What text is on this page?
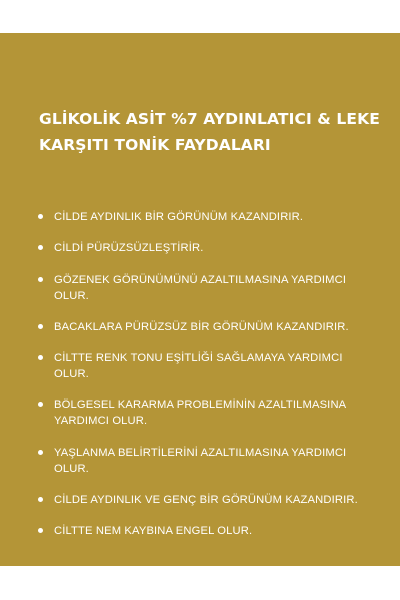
GLİKOLİK ASİT %7 AYDINLATICI & LEKE KARŞITI TONİK FAYDALARI
CİLDE AYDINLIK BİR GÖRÜNÜM KAZANDIRIR.
CİLDİ PÜRÜZSÜZLEŞTİRİR.
GÖZENEK GÖRÜNÜMÜNÜ AZALTILMASINA YARDIMCI OLUR.
BACAKLARA PÜRÜZSÜZ BİR GÖRÜNÜM KAZANDIRIR.
CİLTTE RENK TONU EŞİTLİĞİ SAĞLAMAYA YARDIMCI OLUR.
BÖLGESEL KARARMA PROBLEMİNİN AZALTILMASINA YARDIMCI OLUR.
YAŞLANMA BELİRTİLERİNİ AZALTILMASINA YARDIMCI OLUR.
CİLDE AYDINLIK VE GENÇ BİR GÖRÜNÜM KAZANDIRIR.
CİLTTE NEM KAYBINA ENGEL OLUR.
